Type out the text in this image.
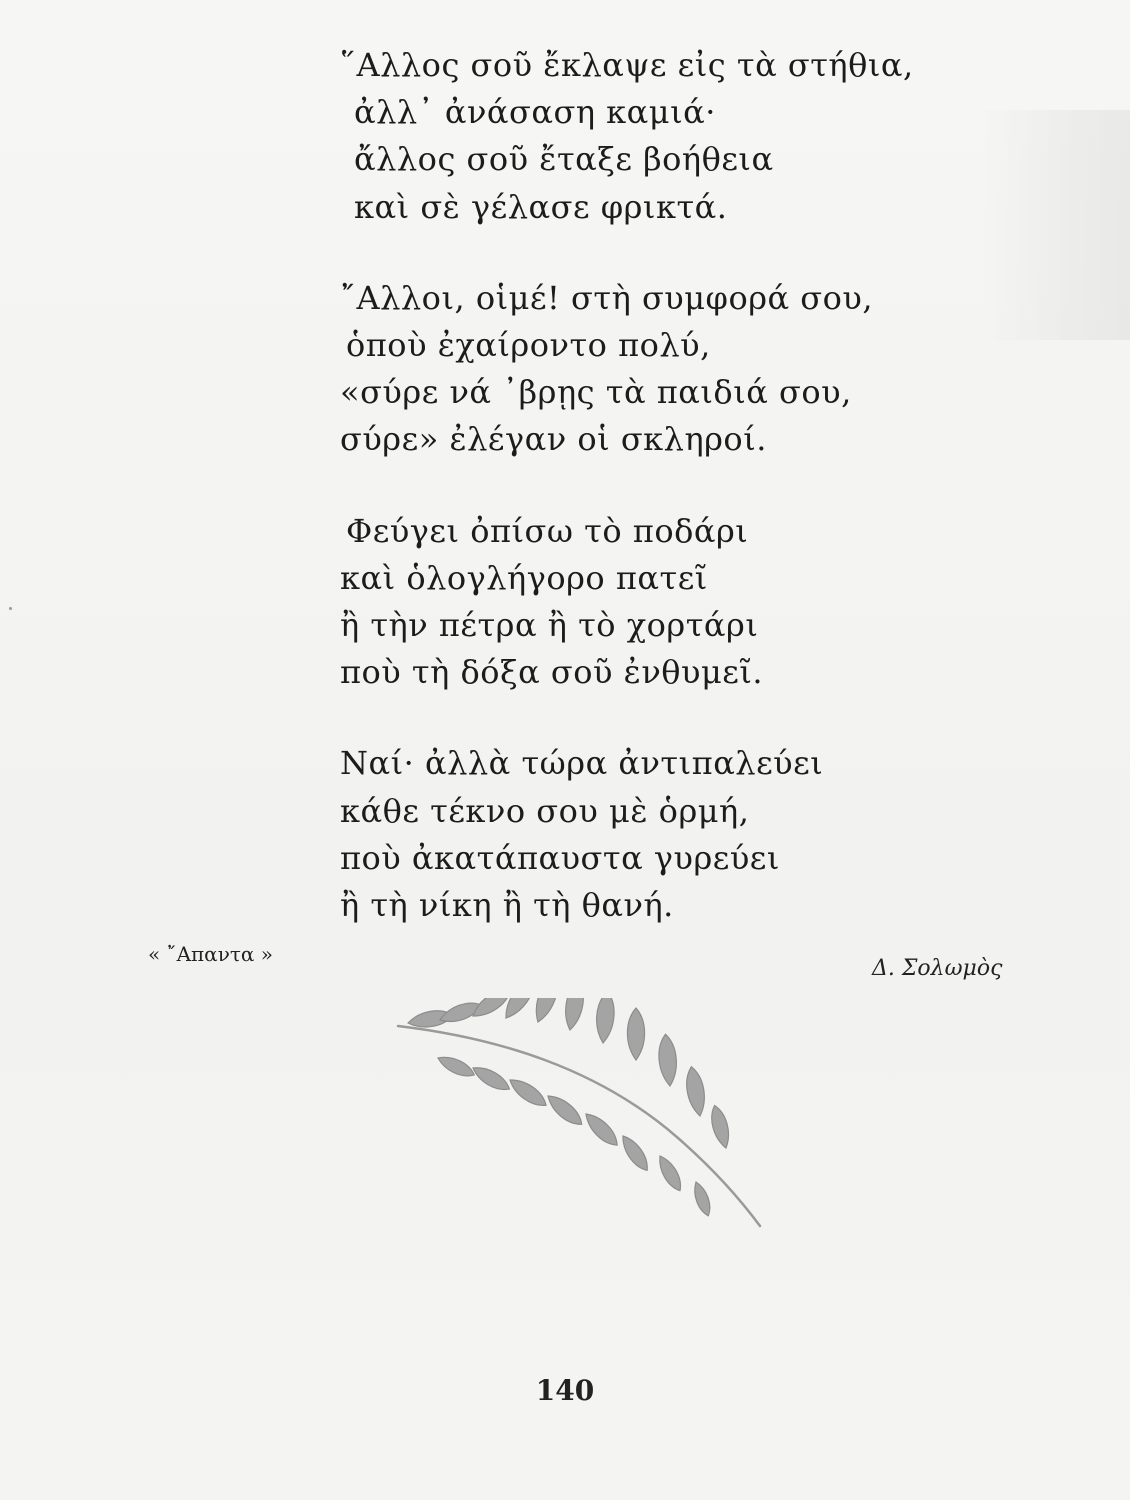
῞Αλλος σοῦ ἔκλαψε εἰς τὰ στήθια,
ἀλλ᾽ ἀνάσαση καμιά·
ἄλλος σοῦ ἔταξε βοήθεια
καὶ σὲ γέλασε φρικτά.
῎Αλλοι, οἱμέ! στὴ συμφορά σου,
ὁποὺ ἐχαίροντο πολύ,
«σύρε νά ᾿βρῃς τὰ παιδιά σου,
σύρε» ἐλέγαν οἱ σκληροί.
Φεύγει ὀπίσω τὸ ποδάρι
καὶ ὁλογλήγορο πατεῖ
ἢ τὴν πέτρα ἢ τὸ χορτάρι
ποὺ τὴ δόξα σοῦ ἐνθυμεῖ.
Ναί· ἀλλὰ τώρα ἀντιπαλεύει
κάθε τέκνο σου μὲ ὁρμή,
ποὺ ἀκατάπαυστα γυρεύει
ἢ τὴ νίκη ἢ τὴ θανή.
« ῎Απαντα »
Δ. Σολωμὸς
140
